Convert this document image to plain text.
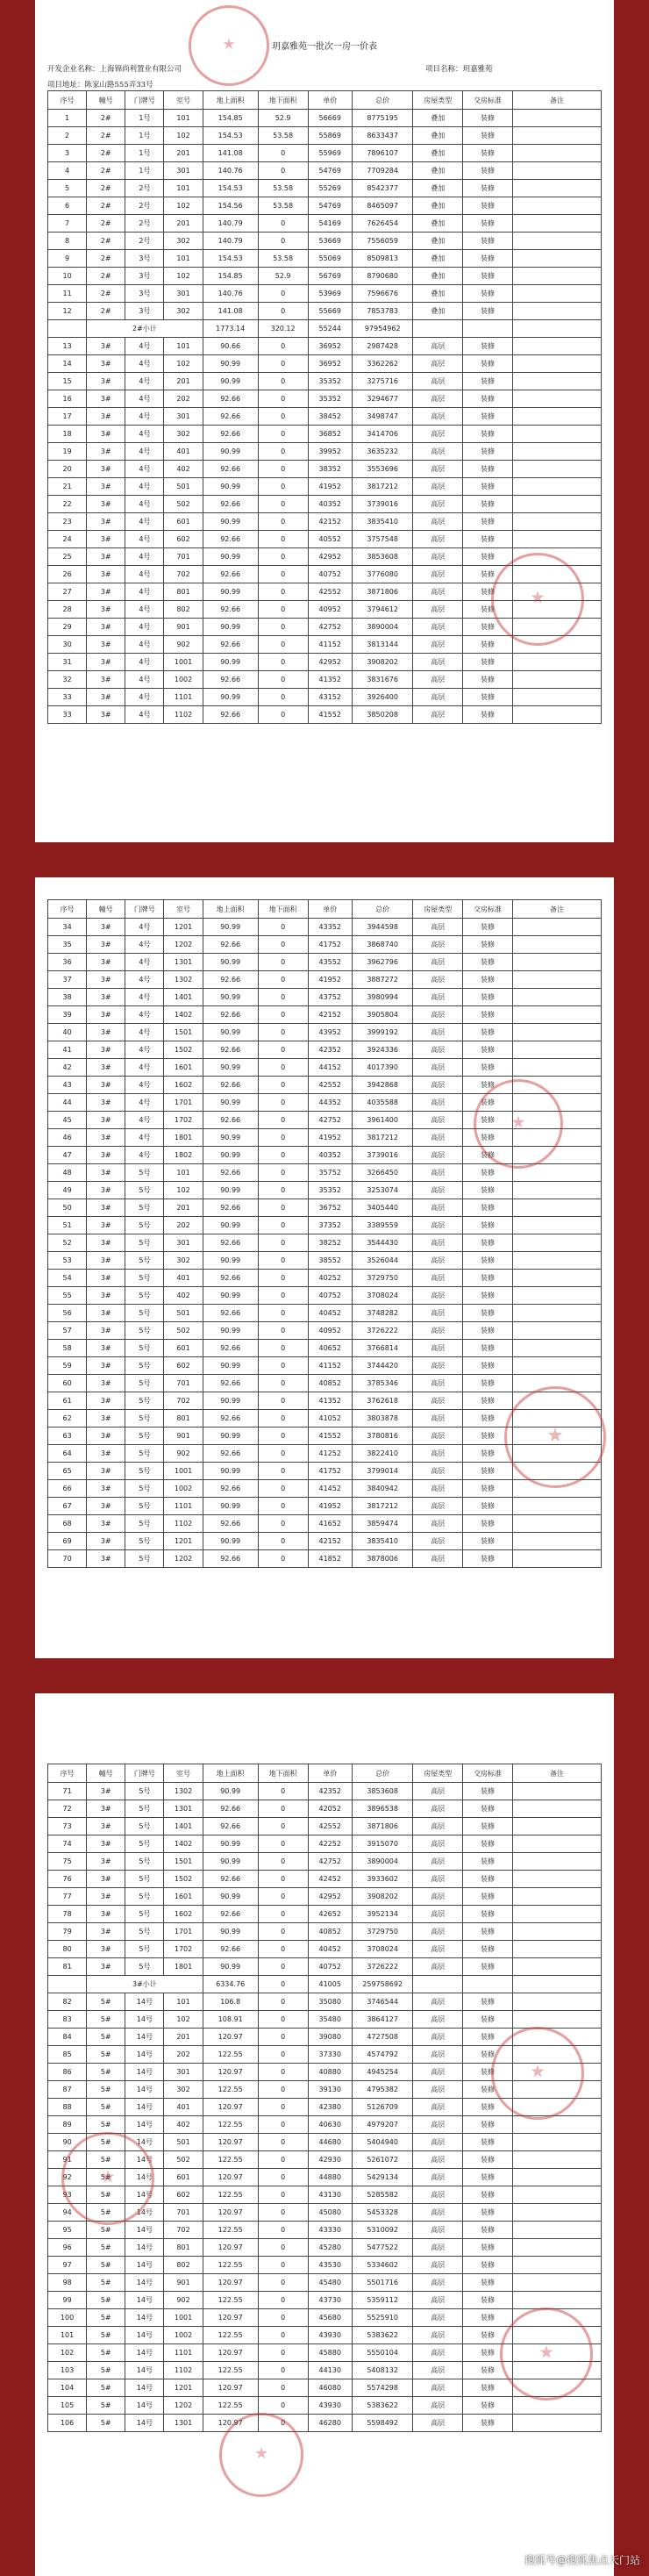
玥嘉雅苑一批次一房一价表
开发企业名称：上海锦尚利置业有限公司	项目名称：玥嘉雅苑
项目地址：陈家山路555弄33号
序号	幢号	门牌号	室号	地上面积	地下面积	单价	总价	房屋类型	交房标准	备注
1	2#	1号	101	154.85	52.9	56669	8775195	叠加	装修	
2	2#	1号	102	154.53	53.58	55869	8633437	叠加	装修	
3	2#	1号	201	141.08	0	55969	7896107	叠加	装修	
4	2#	1号	301	140.76	0	54769	7709284	叠加	装修	
5	2#	2号	101	154.53	53.58	55269	8542377	叠加	装修	
6	2#	2号	102	154.56	53.58	54769	8465097	叠加	装修	
7	2#	2号	201	140.79	0	54169	7626454	叠加	装修	
8	2#	2号	302	140.79	0	53669	7556059	叠加	装修	
9	2#	3号	101	154.53	53.58	55069	8509813	叠加	装修	
10	2#	3号	102	154.85	52.9	56769	8790680	叠加	装修	
11	2#	3号	301	140.76	0	53969	7596676	叠加	装修	
12	2#	3号	302	141.08	0	55669	7853783	叠加	装修	
	2#小计			1773.14	320.12	55244	97954962			
13	3#	4号	101	90.66	0	36952	2987428	高层	装修	
14	3#	4号	102	90.99	0	36952	3362262	高层	装修	
15	3#	4号	201	90.99	0	35352	3275716	高层	装修	
16	3#	4号	202	92.66	0	35352	3294677	高层	装修	
17	3#	4号	301	92.66	0	38452	3498747	高层	装修	
18	3#	4号	302	92.66	0	36852	3414706	高层	装修	
19	3#	4号	401	90.99	0	39952	3635232	高层	装修	
20	3#	4号	402	92.66	0	38352	3553696	高层	装修	
21	3#	4号	501	90.99	0	41952	3817212	高层	装修	
22	3#	4号	502	92.66	0	40352	3739016	高层	装修	
23	3#	4号	601	90.99	0	42152	3835410	高层	装修	
24	3#	4号	602	92.66	0	40552	3757548	高层	装修	
25	3#	4号	701	90.99	0	42952	3853608	高层	装修	
26	3#	4号	702	92.66	0	40752	3776080	高层	装修	
27	3#	4号	801	90.99	0	42552	3871806	高层	装修	
28	3#	4号	802	92.66	0	40952	3794612	高层	装修	
29	3#	4号	901	90.99	0	42752	3890004	高层	装修	
30	3#	4号	902	92.66	0	41152	3813144	高层	装修	
31	3#	4号	1001	90.99	0	42952	3908202	高层	装修	
32	3#	4号	1002	92.66	0	41352	3831676	高层	装修	
33	3#	4号	1101	90.99	0	43152	3926400	高层	装修	
33	3#	4号	1102	92.66	0	41552	3850208	高层	装修	
序号	幢号	门牌号	室号	地上面积	地下面积	单价	总价	房屋类型	交房标准	备注
34	3#	4号	1201	90.99	0	43352	3944598	高层	装修	
35	3#	4号	1202	92.66	0	41752	3868740	高层	装修	
36	3#	4号	1301	90.99	0	43552	3962796	高层	装修	
37	3#	4号	1302	92.66	0	41952	3887272	高层	装修	
38	3#	4号	1401	90.99	0	43752	3980994	高层	装修	
39	3#	4号	1402	92.66	0	42152	3905804	高层	装修	
40	3#	4号	1501	90.99	0	43952	3999192	高层	装修	
41	3#	4号	1502	92.66	0	42352	3924336	高层	装修	
42	3#	4号	1601	90.99	0	44152	4017390	高层	装修	
43	3#	4号	1602	92.66	0	42552	3942868	高层	装修	
44	3#	4号	1701	90.99	0	44352	4035588	高层	装修	
45	3#	4号	1702	92.66	0	42752	3961400	高层	装修	
46	3#	4号	1801	90.99	0	41952	3817212	高层	装修	
47	3#	4号	1802	90.99	0	40352	3739016	高层	装修	
48	3#	5号	101	92.66	0	35752	3266450	高层	装修	
49	3#	5号	102	90.99	0	35352	3253074	高层	装修	
50	3#	5号	201	92.66	0	36752	3405440	高层	装修	
51	3#	5号	202	90.99	0	37352	3389559	高层	装修	
52	3#	5号	301	92.66	0	38252	3544430	高层	装修	
53	3#	5号	302	90.99	0	38552	3526044	高层	装修	
54	3#	5号	401	92.66	0	40252	3729750	高层	装修	
55	3#	5号	402	90.99	0	40752	3708024	高层	装修	
56	3#	5号	501	92.66	0	40452	3748282	高层	装修	
57	3#	5号	502	90.99	0	40952	3726222	高层	装修	
58	3#	5号	601	92.66	0	40652	3766814	高层	装修	
59	3#	5号	602	90.99	0	41152	3744420	高层	装修	
60	3#	5号	701	92.66	0	40852	3785346	高层	装修	
61	3#	5号	702	90.99	0	41352	3762618	高层	装修	
62	3#	5号	801	92.66	0	41052	3803878	高层	装修	
63	3#	5号	901	90.99	0	41552	3780816	高层	装修	
64	3#	5号	902	92.66	0	41252	3822410	高层	装修	
65	3#	5号	1001	90.99	0	41752	3799014	高层	装修	
66	3#	5号	1002	92.66	0	41452	3840942	高层	装修	
67	3#	5号	1101	90.99	0	41952	3817212	高层	装修	
68	3#	5号	1102	92.66	0	41652	3859474	高层	装修	
69	3#	5号	1201	90.99	0	42152	3835410	高层	装修	
70	3#	5号	1202	92.66	0	41852	3878006	高层	装修	
序号	幢号	门牌号	室号	地上面积	地下面积	单价	总价	房屋类型	交房标准	备注
71	3#	5号	1302	90.99	0	42352	3853608	高层	装修	
72	3#	5号	1301	92.66	0	42052	3896538	高层	装修	
73	3#	5号	1401	92.66	0	42552	3871806	高层	装修	
74	3#	5号	1402	90.99	0	42252	3915070	高层	装修	
75	3#	5号	1501	90.99	0	42752	3890004	高层	装修	
76	3#	5号	1502	92.66	0	42452	3933602	高层	装修	
77	3#	5号	1601	90.99	0	42952	3908202	高层	装修	
78	3#	5号	1602	92.66	0	42652	3952134	高层	装修	
79	3#	5号	1701	90.99	0	40852	3729750	高层	装修	
80	3#	5号	1702	92.66	0	40452	3708024	高层	装修	
81	3#	5号	1801	90.99	0	40752	3726222	高层	装修	
	3#小计			6334.76	0	41005	259758692			
82	5#	14号	101	106.8	0	35080	3746544	高层	装修	
83	5#	14号	102	108.91	0	35480	3864127	高层	装修	
84	5#	14号	201	120.97	0	39080	4727508	高层	装修	
85	5#	14号	202	122.55	0	37330	4574792	高层	装修	
86	5#	14号	301	120.97	0	40880	4945254	高层	装修	
87	5#	14号	302	122.55	0	39130	4795382	高层	装修	
88	5#	14号	401	120.97	0	42380	5126709	高层	装修	
89	5#	14号	402	122.55	0	40630	4979207	高层	装修	
90	5#	14号	501	120.97	0	44680	5404940	高层	装修	
91	5#	14号	502	122.55	0	42930	5261072	高层	装修	
92	5#	14号	601	120.97	0	44880	5429134	高层	装修	
93	5#	14号	602	122.55	0	43130	5285582	高层	装修	
94	5#	14号	701	120.97	0	45080	5453328	高层	装修	
95	5#	14号	702	122.55	0	43330	5310092	高层	装修	
96	5#	14号	801	120.97	0	45280	5477522	高层	装修	
97	5#	14号	802	122.55	0	43530	5334602	高层	装修	
98	5#	14号	901	120.97	0	45480	5501716	高层	装修	
99	5#	14号	902	122.55	0	43730	5359112	高层	装修	
100	5#	14号	1001	120.97	0	45680	5525910	高层	装修	
101	5#	14号	1002	122.55	0	43930	5383622	高层	装修	
102	5#	14号	1101	120.97	0	45880	5550104	高层	装修	
103	5#	14号	1102	122.55	0	44130	5408132	高层	装修	
104	5#	14号	1201	120.97	0	46080	5574298	高层	装修	
105	5#	14号	1202	122.55	0	43930	5383622	高层	装修	
106	5#	14号	1301	120.97	0	46280	5598492	高层	装修	
搜狐号@搜狐焦点天门站
